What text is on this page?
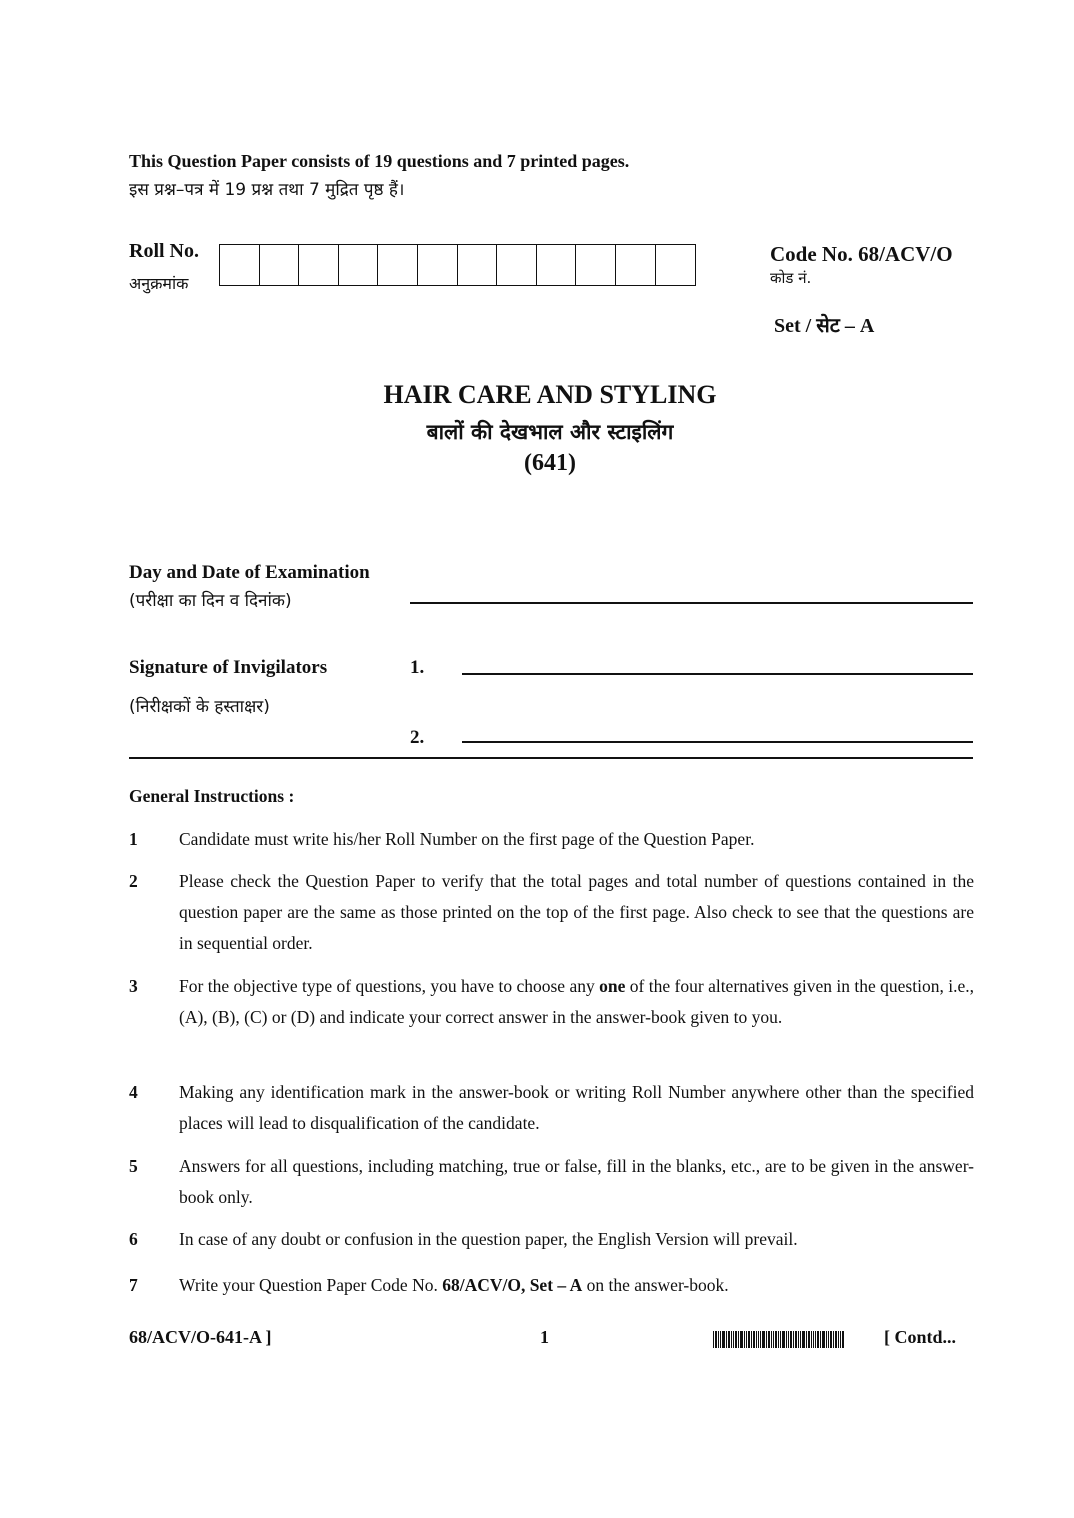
This Question Paper consists of 19 questions and 7 printed pages.
इस प्रश्न–पत्र में 19 प्रश्न तथा 7 मुद्रित पृष्ठ हैं।
Roll No.
अनुक्रमांक
Code No. 68/ACV/O
कोड नं.
Set / सेट – A
HAIR CARE AND STYLING
बालों की देखभाल और स्टाइलिंग
(641)
Day and Date of Examination
(परीक्षा का दिन व दिनांक)
Signature of Invigilators	1.
(निरीक्षकों के हस्ताक्षर)
2.
General Instructions :
1	Candidate must write his/her Roll Number on the first page of the Question Paper.
2	Please check the Question Paper to verify that the total pages and total number of questions contained in the question paper are the same as those printed on the top of the first page. Also check to see that the questions are in sequential order.
3	For the objective type of questions, you have to choose any one of the four alternatives given in the question, i.e., (A), (B), (C) or (D) and indicate your correct answer in the answer-book given to you.
4	Making any identification mark in the answer-book or writing Roll Number anywhere other than the specified places will lead to disqualification of the candidate.
5	Answers for all questions, including matching, true or false, fill in the blanks, etc., are to be given in the answer-book only.
6	In case of any doubt or confusion in the question paper, the English Version will prevail.
7	Write your Question Paper Code No. 68/ACV/O, Set – A on the answer-book.
68/ACV/O-641-A ]	1	[ Contd...
